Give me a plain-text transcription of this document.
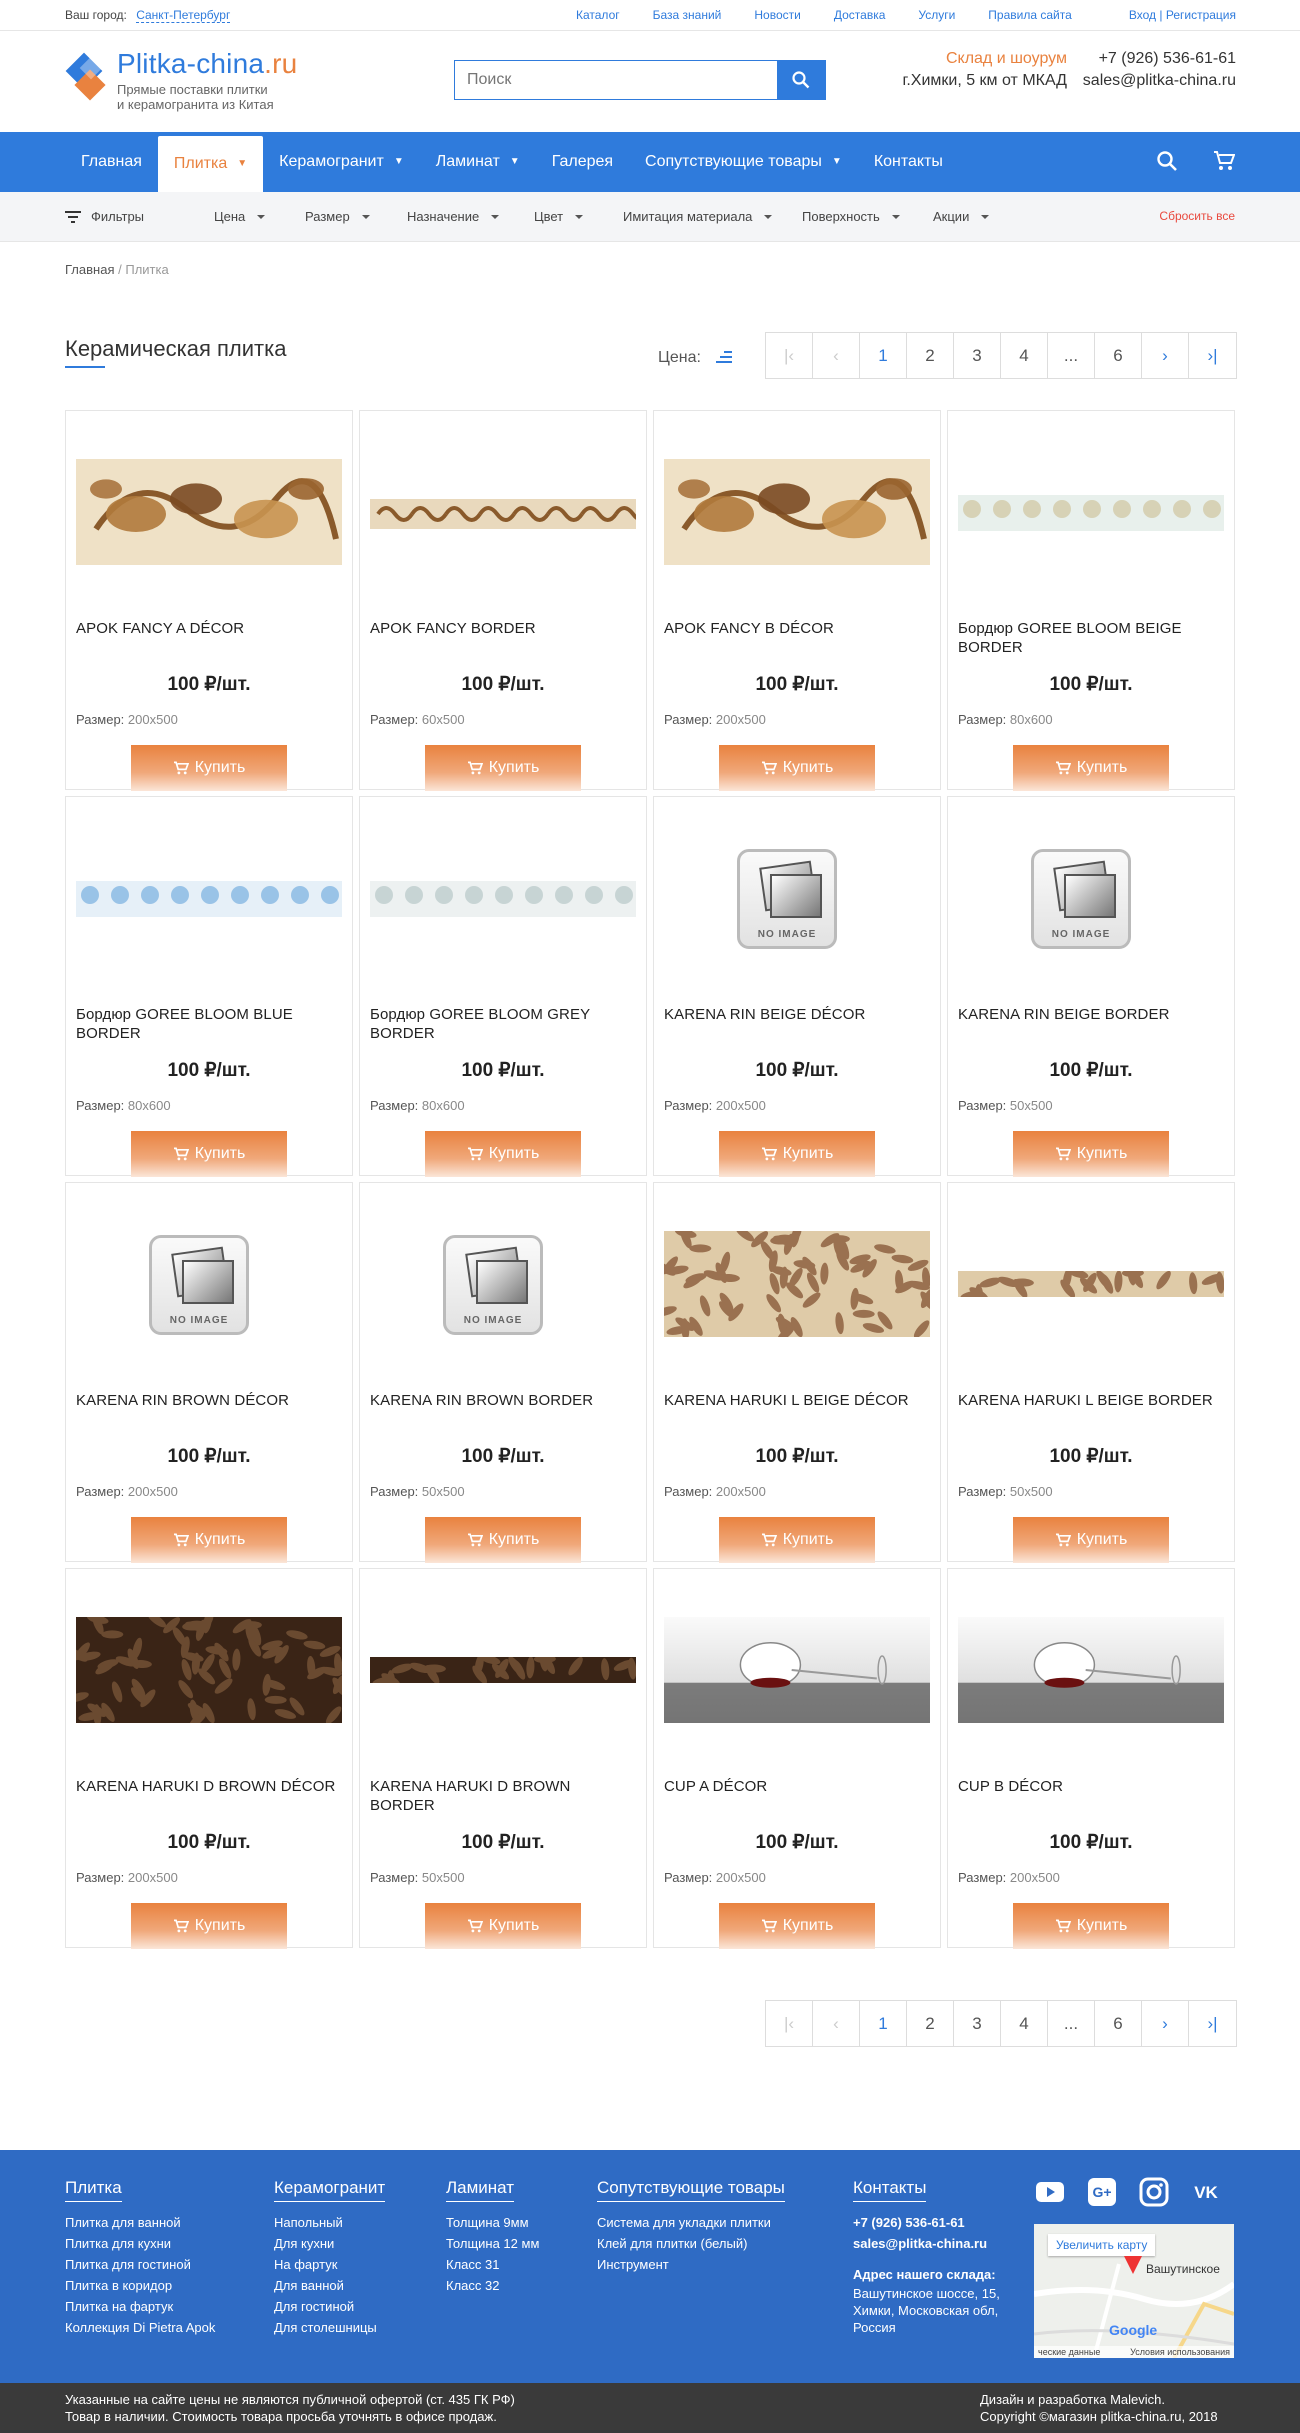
Ваш город: Санкт-Петербург	Каталог	База знаний	Новости	Доставка	Услуги	Правила сайта	Вход | Регистрация
Plitka-china.ru
Прямые поставки плитки
и керамогранита из Китая
Поиск
Склад и шоурум
г.Химки, 5 км от МКАД
+7 (926) 536-61-61
sales@plitka-china.ru
Главная Плитка ▼ Керамогранит ▼ Ламинат ▼ Галерея Сопутствующие товары ▼ Контакты
Фильтры	Цена	Размер	Назначение	Цвет	Имитация материала	Поверхность	Акции	Сбросить все
Главная / Плитка
Керамическая плитка	Цена:	|‹	‹	1	2	3	4	...	6	›	›|
APOK FANCY A DÉCOR
100 ₽/шт.
Размер: 200x500
Купить
APOK FANCY BORDER
100 ₽/шт.
Размер: 60x500
Купить
APOK FANCY B DÉCOR
100 ₽/шт.
Размер: 200x500
Купить
Бордюр GOREE BLOOM BEIGE BORDER
100 ₽/шт.
Размер: 80x600
Купить
Бордюр GOREE BLOOM BLUE BORDER
100 ₽/шт.
Размер: 80x600
Купить
Бордюр GOREE BLOOM GREY BORDER
100 ₽/шт.
Размер: 80x600
Купить
NO IMAGE
KARENA RIN BEIGE DÉCOR
100 ₽/шт.
Размер: 200x500
Купить
NO IMAGE
KARENA RIN BEIGE BORDER
100 ₽/шт.
Размер: 50x500
Купить
NO IMAGE
KARENA RIN BROWN DÉCOR
100 ₽/шт.
Размер: 200x500
Купить
NO IMAGE
KARENA RIN BROWN BORDER
100 ₽/шт.
Размер: 50x500
Купить
KARENA HARUKI L BEIGE DÉCOR
100 ₽/шт.
Размер: 200x500
Купить
KARENA HARUKI L BEIGE BORDER
100 ₽/шт.
Размер: 50x500
Купить
KARENA HARUKI D BROWN DÉCOR
100 ₽/шт.
Размер: 200x500
Купить
KARENA HARUKI D BROWN BORDER
100 ₽/шт.
Размер: 50x500
Купить
CUP A DÉCOR
100 ₽/шт.
Размер: 200x500
Купить
CUP B DÉCOR
100 ₽/шт.
Размер: 200x500
Купить
|‹	‹	1	2	3	4	...	6	›	›|
Плитка
Плитка для ванной
Плитка для кухни
Плитка для гостиной
Плитка в коридор
Плитка на фартук
Коллекция Di Pietra Apok
Керамогранит
Напольный
Для кухни
На фартук
Для ванной
Для гостиной
Для столешницы
Ламинат
Толщина 9мм
Толщина 12 мм
Класс 31
Класс 32
Сопутствующие товары
Система для укладки плитки
Клей для плитки (белый)
Инструмент
Контакты
+7 (926) 536-61-61
sales@plitka-china.ru
Адрес нашего склада:
Вашутинское шоссе, 15,
Химки, Московская обл,
Россия
G+	VK
Увеличить карту
Вашутинское
Google
ческие данные	Условия использования
Указанные на сайте цены не являются публичной офертой (ст. 435 ГК РФ)
Товар в наличии. Стоимость товара просьба уточнять в офисе продаж.
Дизайн и разработка Malevich.
Copyright ©магазин plitka-china.ru, 2018
